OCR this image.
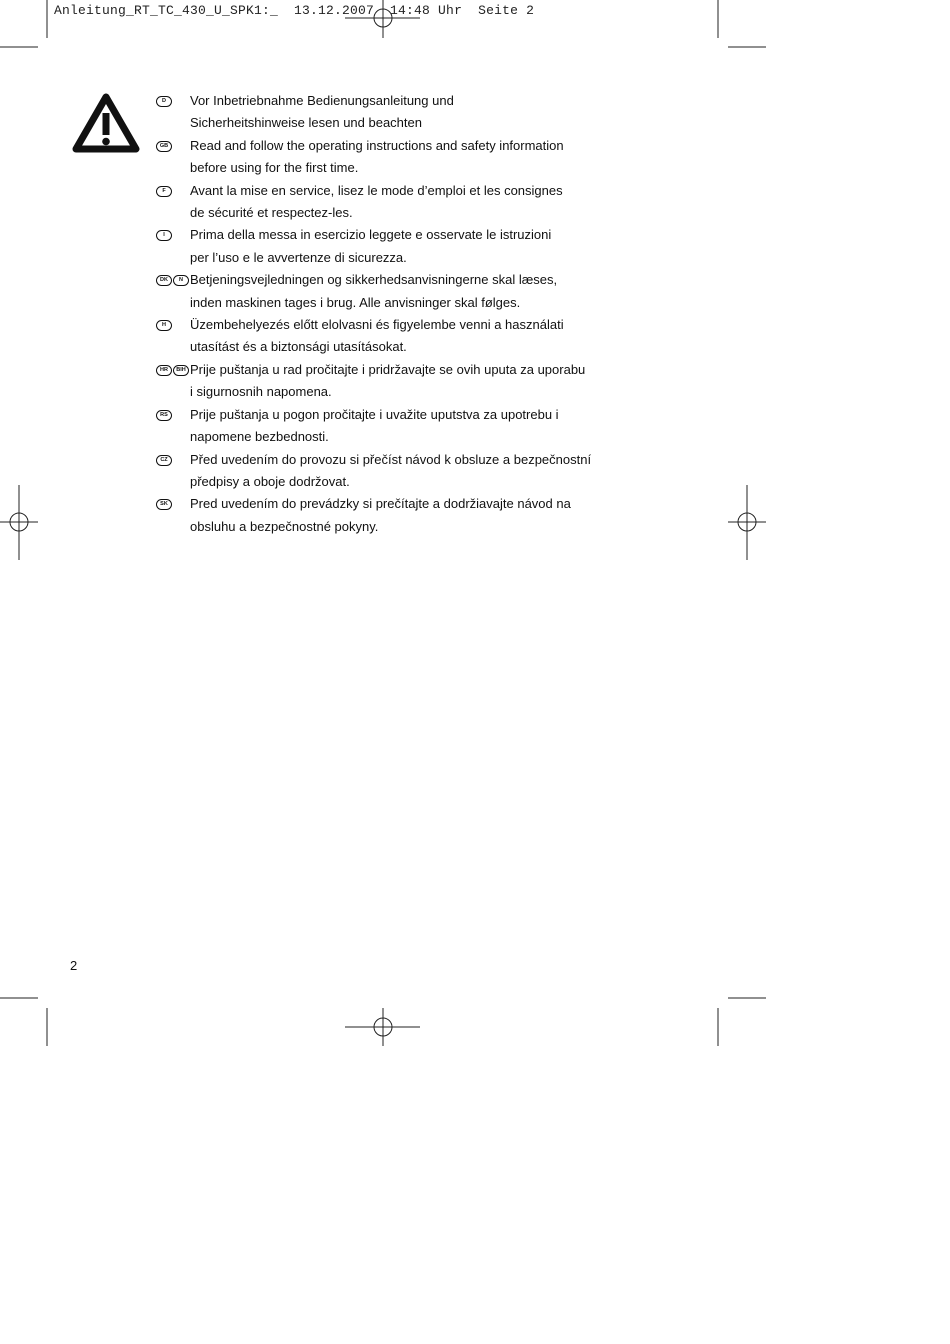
Anleitung_RT_TC_430_U_SPK1:_  13.12.2007  14:48 Uhr  Seite 2
D	Vor Inbetriebnahme Bedienungsanleitung und
Sicherheitshinweise lesen und beachten
GB Read and follow the operating instructions and safety information
before using for the first time.
F	Avant la mise en service, lisez le mode d’emploi et les consignes
de sécurité et respectez-les.
I	Prima della messa in esercizio leggete e osservate le istruzioni
per l’uso e le avvertenze di sicurezza.
DK	N Betjeningsvejledningen og sikkerhedsanvisningerne skal læses,
inden maskinen tages i brug. Alle anvisninger skal følges.
H	Üzembehelyezés előtt elolvasni és figyelembe venni a használati
utasítást és a biztonsági utasításokat.
HR	BIH Prije puštanja u rad pročitajte i pridržavajte se ovih uputa za uporabu
i sigurnosnih napomena.
RS	Prije puštanja u pogon pročitajte i uvažite uputstva za upotrebu i
napomene bezbednosti.
CZ	Před uvedením do provozu si přečíst návod k obsluze a bezpečnostní
předpisy a oboje dodržovat.
SK	Pred uvedením do prevádzky si prečítajte a dodržiavajte návod na
obsluhu a bezpečnostné pokyny.
2
